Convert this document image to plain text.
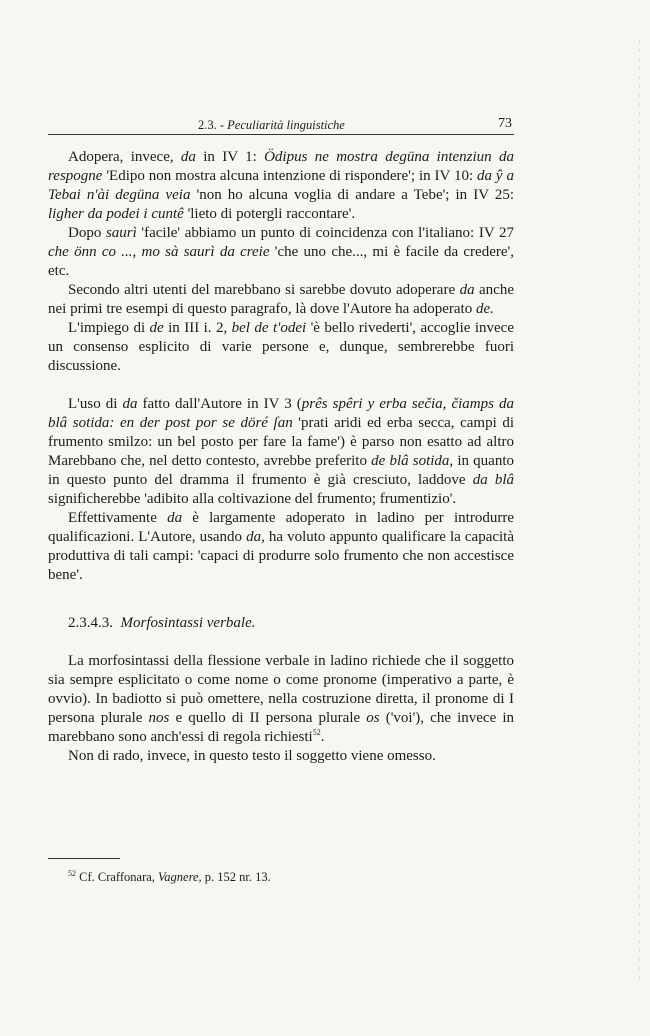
2.3. - Peculiarità linguistiche	73

Adopera, invece, da in IV 1: Ödipus ne mostra degüna intenziun da respogne 'Edipo non mostra alcuna intenzione di rispondere'; in IV 10: da ŷ a Tebai n'ài degüna veia 'non ho alcuna voglia di andare a Tebe'; in IV 25: ligher da podei i cuntê 'lieto di potergli raccontare'.

Dopo saurì 'facile' abbiamo un punto di coincidenza con l'italiano: IV 27 che önn co ..., mo sà saurì da creie 'che uno che..., mi è facile da credere', etc.

Secondo altri utenti del marebbano si sarebbe dovuto adoperare da anche nei primi tre esempi di questo paragrafo, là dove l'Autore ha adoperato de.

L'impiego di de in III i. 2, bel de t'odei 'è bello rivederti', accoglie invece un consenso esplicito di varie persone e, dunque, sembrerebbe fuori discussione.

L'uso di da fatto dall'Autore in IV 3 (prês spêri y erba sečia, čiamps da blâ sotida: en der post por se döré ſan 'prati aridi ed erba secca, campi di frumento smilzo: un bel posto per fare la fame') è parso non esatto ad altro Marebbano che, nel detto contesto, avrebbe preferito de blâ sotida, in quanto in questo punto del dramma il frumento è già cresciuto, laddove da blâ significherebbe 'adibito alla coltivazione del frumento; frumentizio'.

Effettivamente da è largamente adoperato in ladino per introdurre qualificazioni. L'Autore, usando da, ha voluto appunto qualificare la capacità produttiva di tali campi: 'capaci di produrre solo frumento che non accestisce bene'.

2.3.4.3. Morfosintassi verbale.

La morfosintassi della flessione verbale in ladino richiede che il soggetto sia sempre esplicitato o come nome o come pronome (imperativo a parte, è ovvio). In badiotto si può omettere, nella costruzione diretta, il pronome di I persona plurale nos e quello di II persona plurale os ('voi'), che invece in marebbano sono anch'essi di regola richiesti$^{52}$.

Non di rado, invece, in questo testo il soggetto viene omesso.

$^{52}$ Cf. Craffonara, Vagnere, p. 152 nr. 13.
